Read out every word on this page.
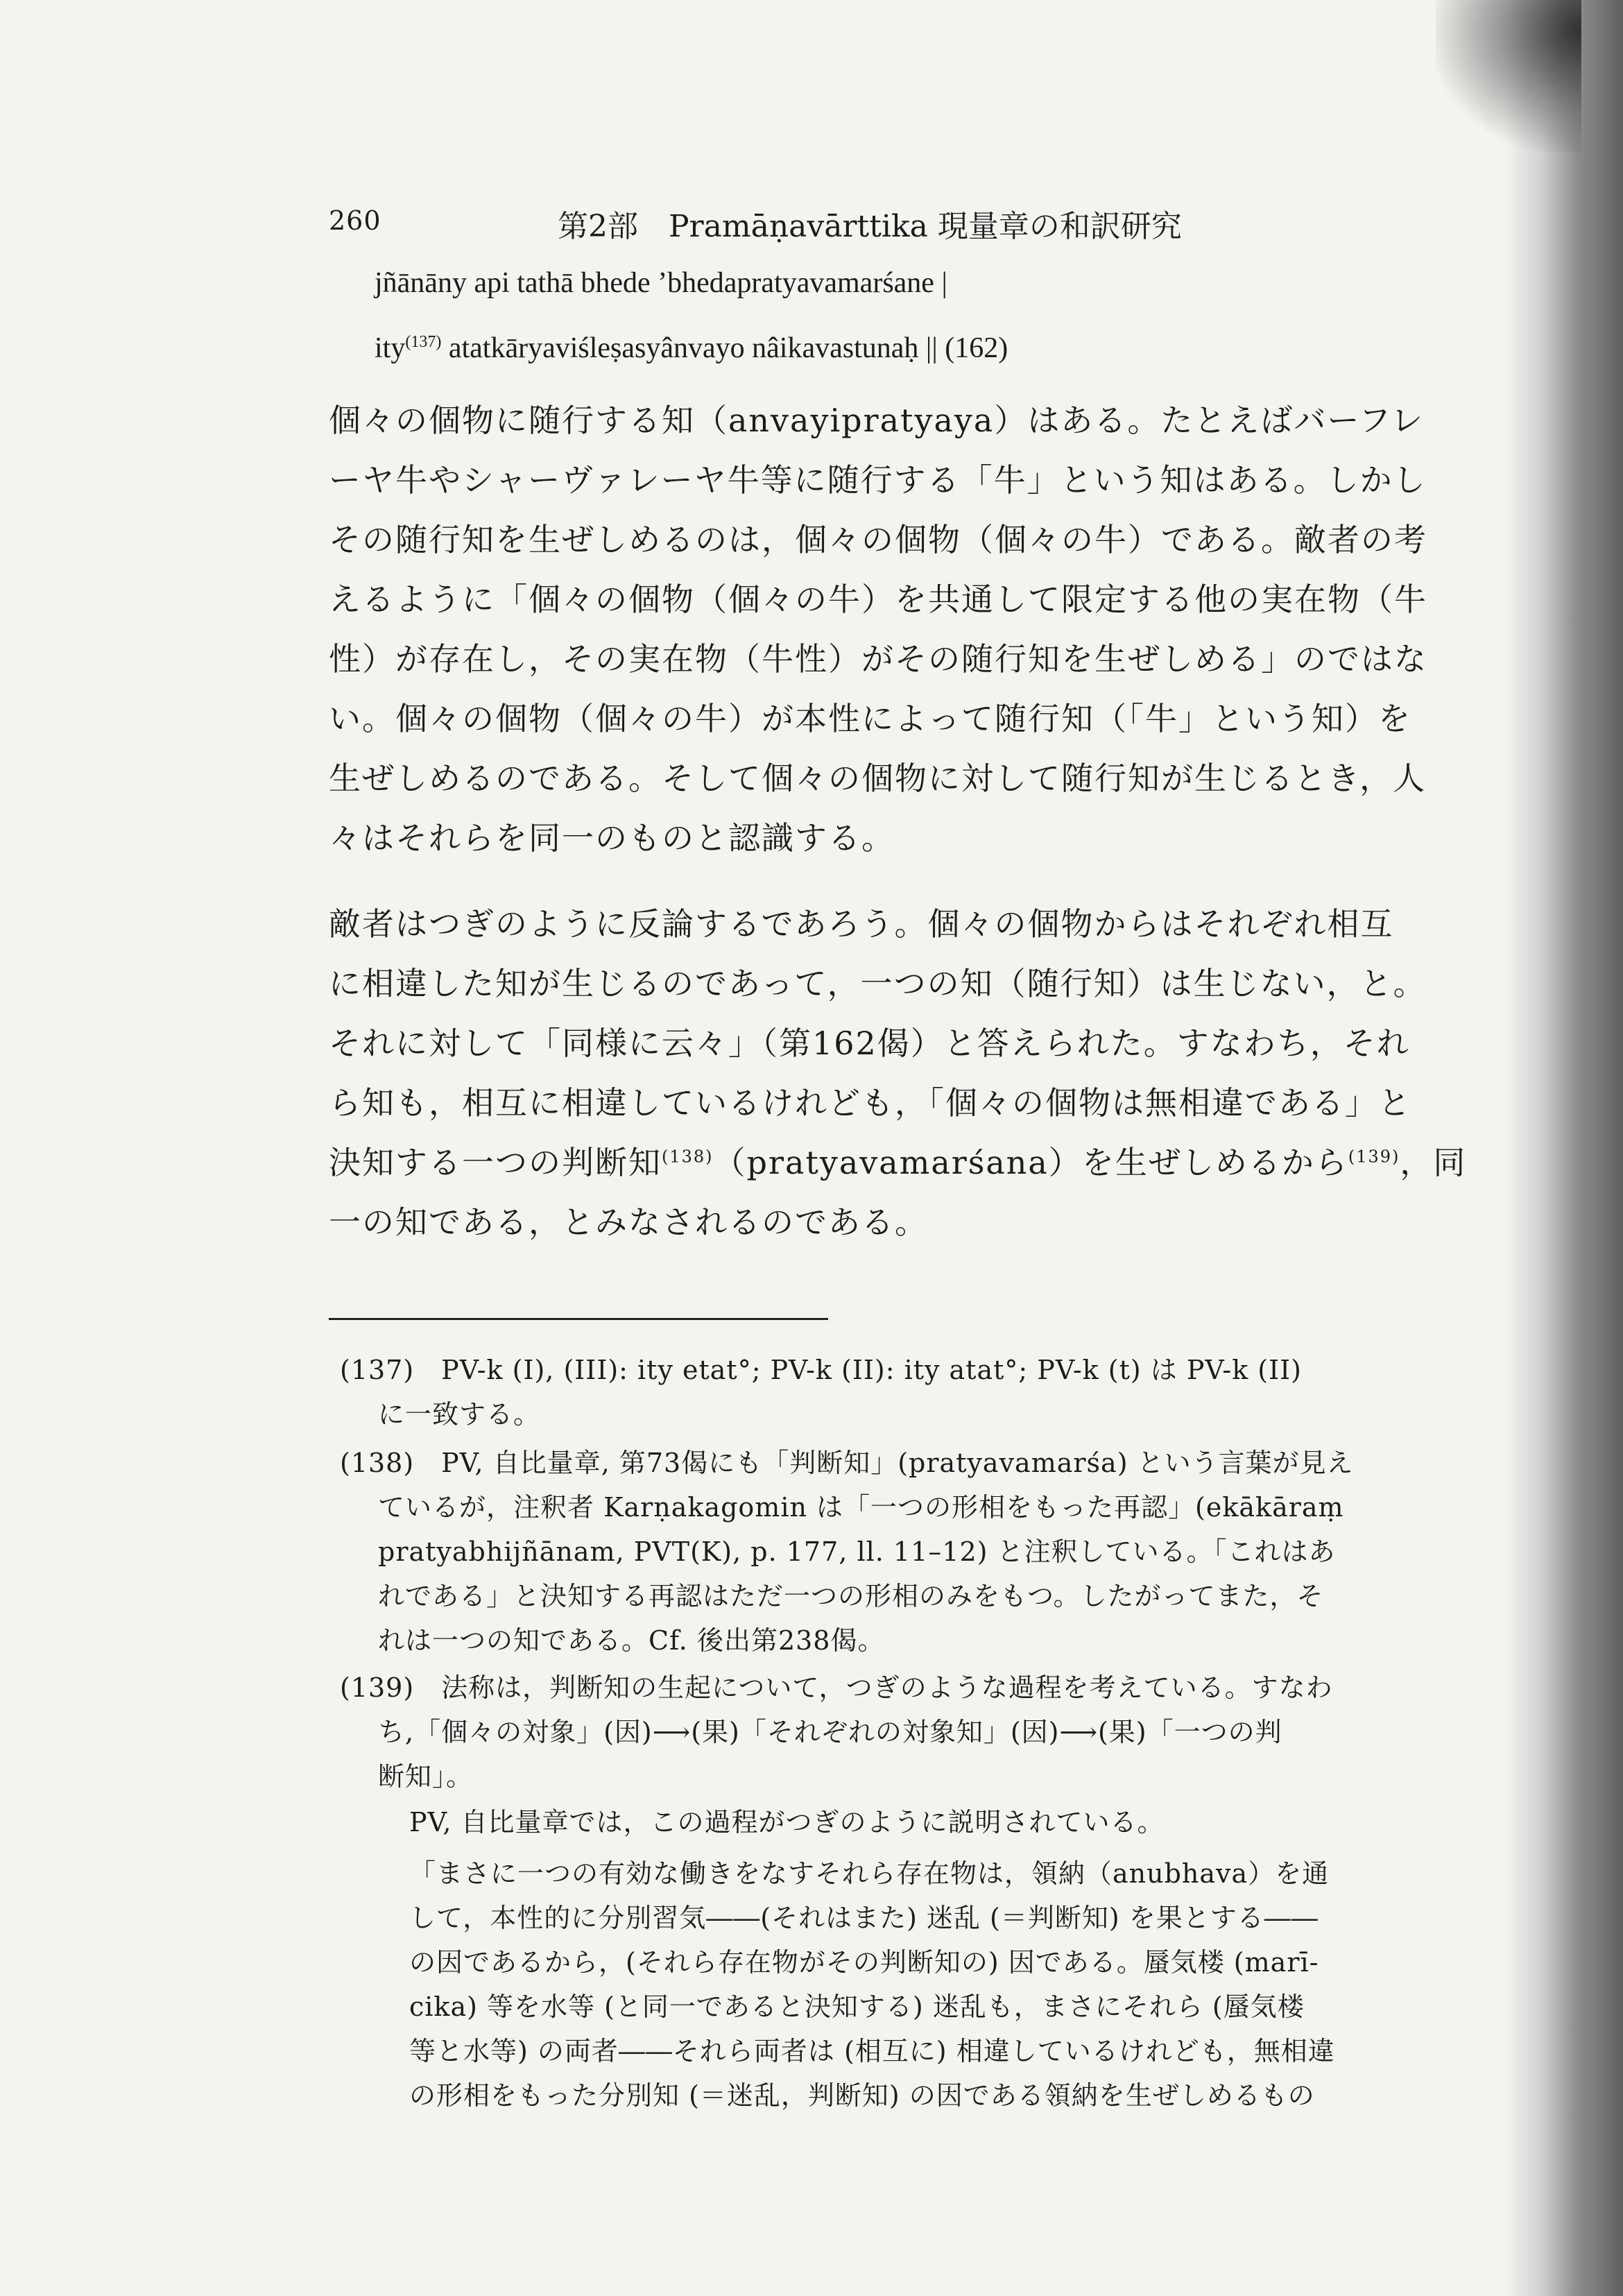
260	第2部　Pramāṇavārttika 現量章の和訳研究
jñānāny api tathā bhede ’bhedapratyavamarśane |
ity$^{(137)}$ atatkāryaviśleṣasyânvayo nâikavastunaḥ || (162)
個々の個物に随行する知（anvayipratyaya）はある。たとえばバーフレ
ーヤ牛やシャーヴァレーヤ牛等に随行する「牛」という知はある。しかし
その随行知を生ぜしめるのは，個々の個物（個々の牛）である。敵者の考
えるように「個々の個物（個々の牛）を共通して限定する他の実在物（牛
性）が存在し，その実在物（牛性）がその随行知を生ぜしめる」のではな
い。個々の個物（個々の牛）が本性によって随行知（「牛」という知）を
生ぜしめるのである。そして個々の個物に対して随行知が生じるとき，人
々はそれらを同一のものと認識する。
敵者はつぎのように反論するであろう。個々の個物からはそれぞれ相互
に相違した知が生じるのであって，一つの知（随行知）は生じない，と。
それに対して「同様に云々」（第162偈）と答えられた。すなわち，それ
ら知も，相互に相違しているけれども，「個々の個物は無相違である」と
決知する一つの判断知$^{(138)}$（pratyavamarśana）を生ぜしめるから$^{(139)}$，同
一の知である，とみなされるのである。
(137)　PV-k (I), (III): ity etat°; PV-k (II): ity atat°; PV-k (t) は PV-k (II)
に一致する。
(138)　PV, 自比量章, 第73偈にも「判断知」(pratyavamarśa) という言葉が見え
ているが，注釈者 Karṇakagomin は「一つの形相をもった再認」(ekākāraṃ
pratyabhijñānam, PVT(K), p. 177, ll. 11–12) と注釈している。「これはあ
れである」と決知する再認はただ一つの形相のみをもつ。したがってまた，そ
れは一つの知である。Cf. 後出第238偈。
(139)　法称は，判断知の生起について，つぎのような過程を考えている。すなわ
ち,「個々の対象」(因)⟶(果)「それぞれの対象知」(因)⟶(果)「一つの判
断知」。
PV, 自比量章では，この過程がつぎのように説明されている。
「まさに一つの有効な働きをなすそれら存在物は，領納（anubhava）を通
して，本性的に分別習気――(それはまた) 迷乱 (＝判断知) を果とする――
の因であるから，(それら存在物がその判断知の) 因である。蜃気楼 (marī-
cika) 等を水等 (と同一であると決知する) 迷乱も，まさにそれら (蜃気楼
等と水等) の両者――それら両者は (相互に) 相違しているけれども，無相違
の形相をもった分別知 (＝迷乱，判断知) の因である領納を生ぜしめるもの
